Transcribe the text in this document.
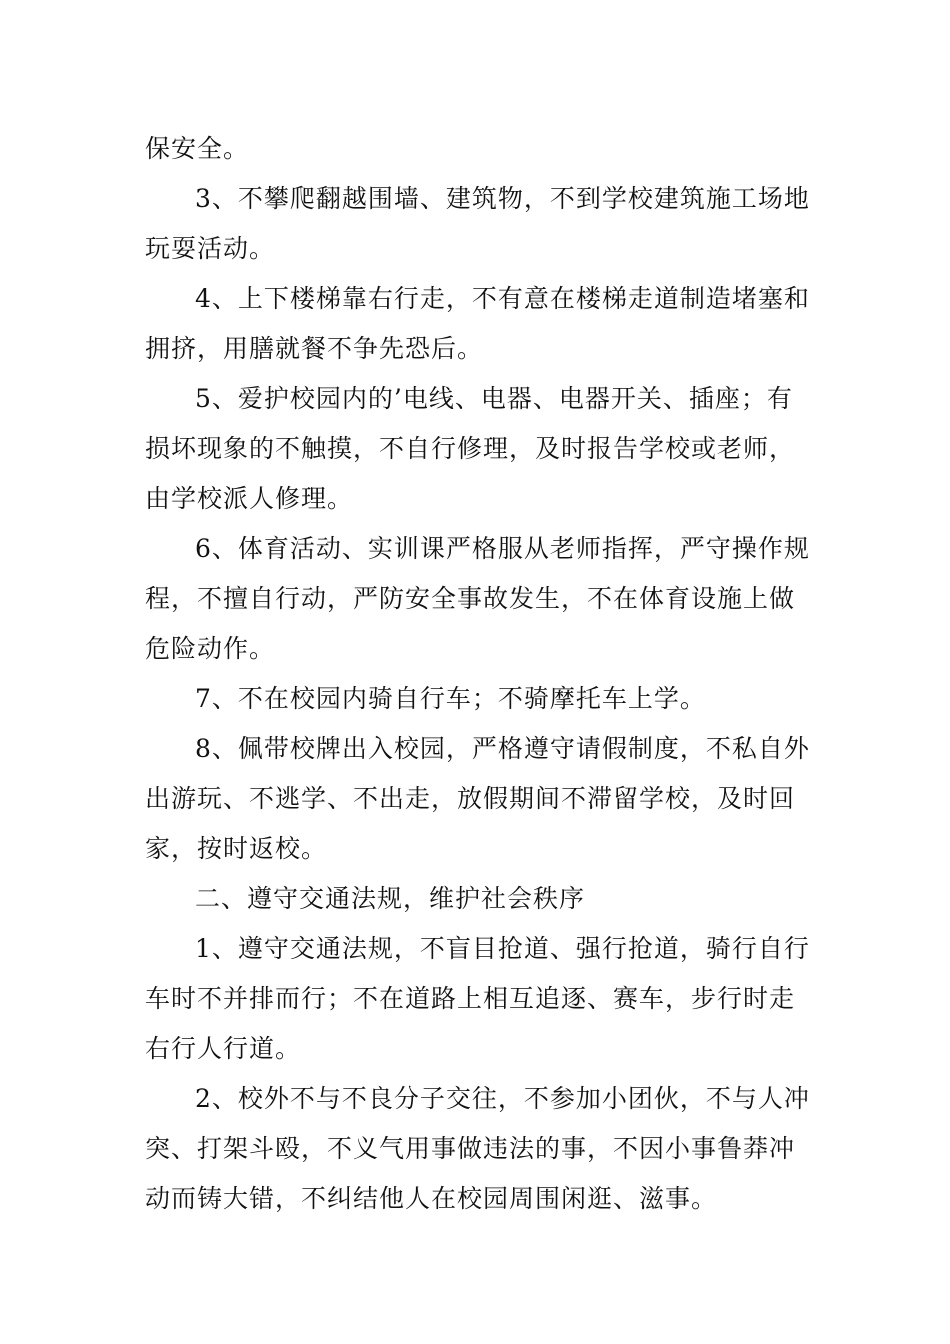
保安全。

3、不攀爬翻越围墙、建筑物，不到学校建筑施工场地

玩耍活动。

4、上下楼梯靠右行走，不有意在楼梯走道制造堵塞和

拥挤，用膳就餐不争先恐后。

5、爱护校园内的’电线、电器、电器开关、插座；有

损坏现象的不触摸，不自行修理，及时报告学校或老师，

由学校派人修理。

6、体育活动、实训课严格服从老师指挥，严守操作规

程，不擅自行动，严防安全事故发生，不在体育设施上做

危险动作。

7、不在校园内骑自行车；不骑摩托车上学。

8、佩带校牌出入校园，严格遵守请假制度，不私自外

出游玩、不逃学、不出走，放假期间不滞留学校，及时回

家，按时返校。

二、遵守交通法规，维护社会秩序

1、遵守交通法规，不盲目抢道、强行抢道，骑行自行

车时不并排而行；不在道路上相互追逐、赛车，步行时走

右行人行道。

2、校外不与不良分子交往，不参加小团伙，不与人冲

突、打架斗殴，不义气用事做违法的事，不因小事鲁莽冲

动而铸大错，不纠结他人在校园周围闲逛、滋事。
